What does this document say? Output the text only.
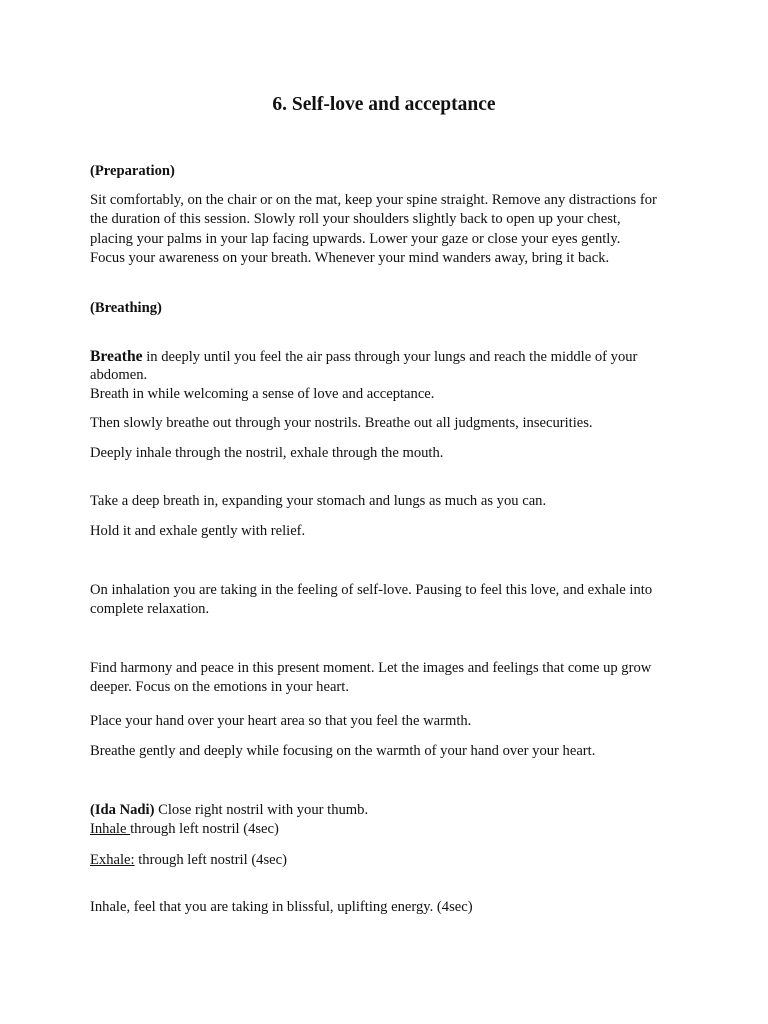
6. Self-love and acceptance

(Preparation)

Sit comfortably, on the chair or on the mat, keep your spine straight. Remove any distractions for

the duration of this session. Slowly roll your shoulders slightly back to open up your chest,

placing your palms in your lap facing upwards. Lower your gaze or close your eyes gently.

Focus your awareness on your breath. Whenever your mind wanders away, bring it back.

(Breathing)

Breathe in deeply until you feel the air pass through your lungs and reach the middle of your

abdomen.

Breath in while welcoming a sense of love and acceptance.

Then slowly breathe out through your nostrils. Breathe out all judgments, insecurities.

Deeply inhale through the nostril, exhale through the mouth.

Take a deep breath in, expanding your stomach and lungs as much as you can.

Hold it and exhale gently with relief.

On inhalation you are taking in the feeling of self-love. Pausing to feel this love, and exhale into

complete relaxation.

Find harmony and peace in this present moment. Let the images and feelings that come up grow

deeper. Focus on the emotions in your heart.

Place your hand over your heart area so that you feel the warmth.

Breathe gently and deeply while focusing on the warmth of your hand over your heart.

(Ida Nadi) Close right nostril with your thumb.

Inhale through left nostril (4sec)

Exhale: through left nostril (4sec)

Inhale, feel that you are taking in blissful, uplifting energy. (4sec)
